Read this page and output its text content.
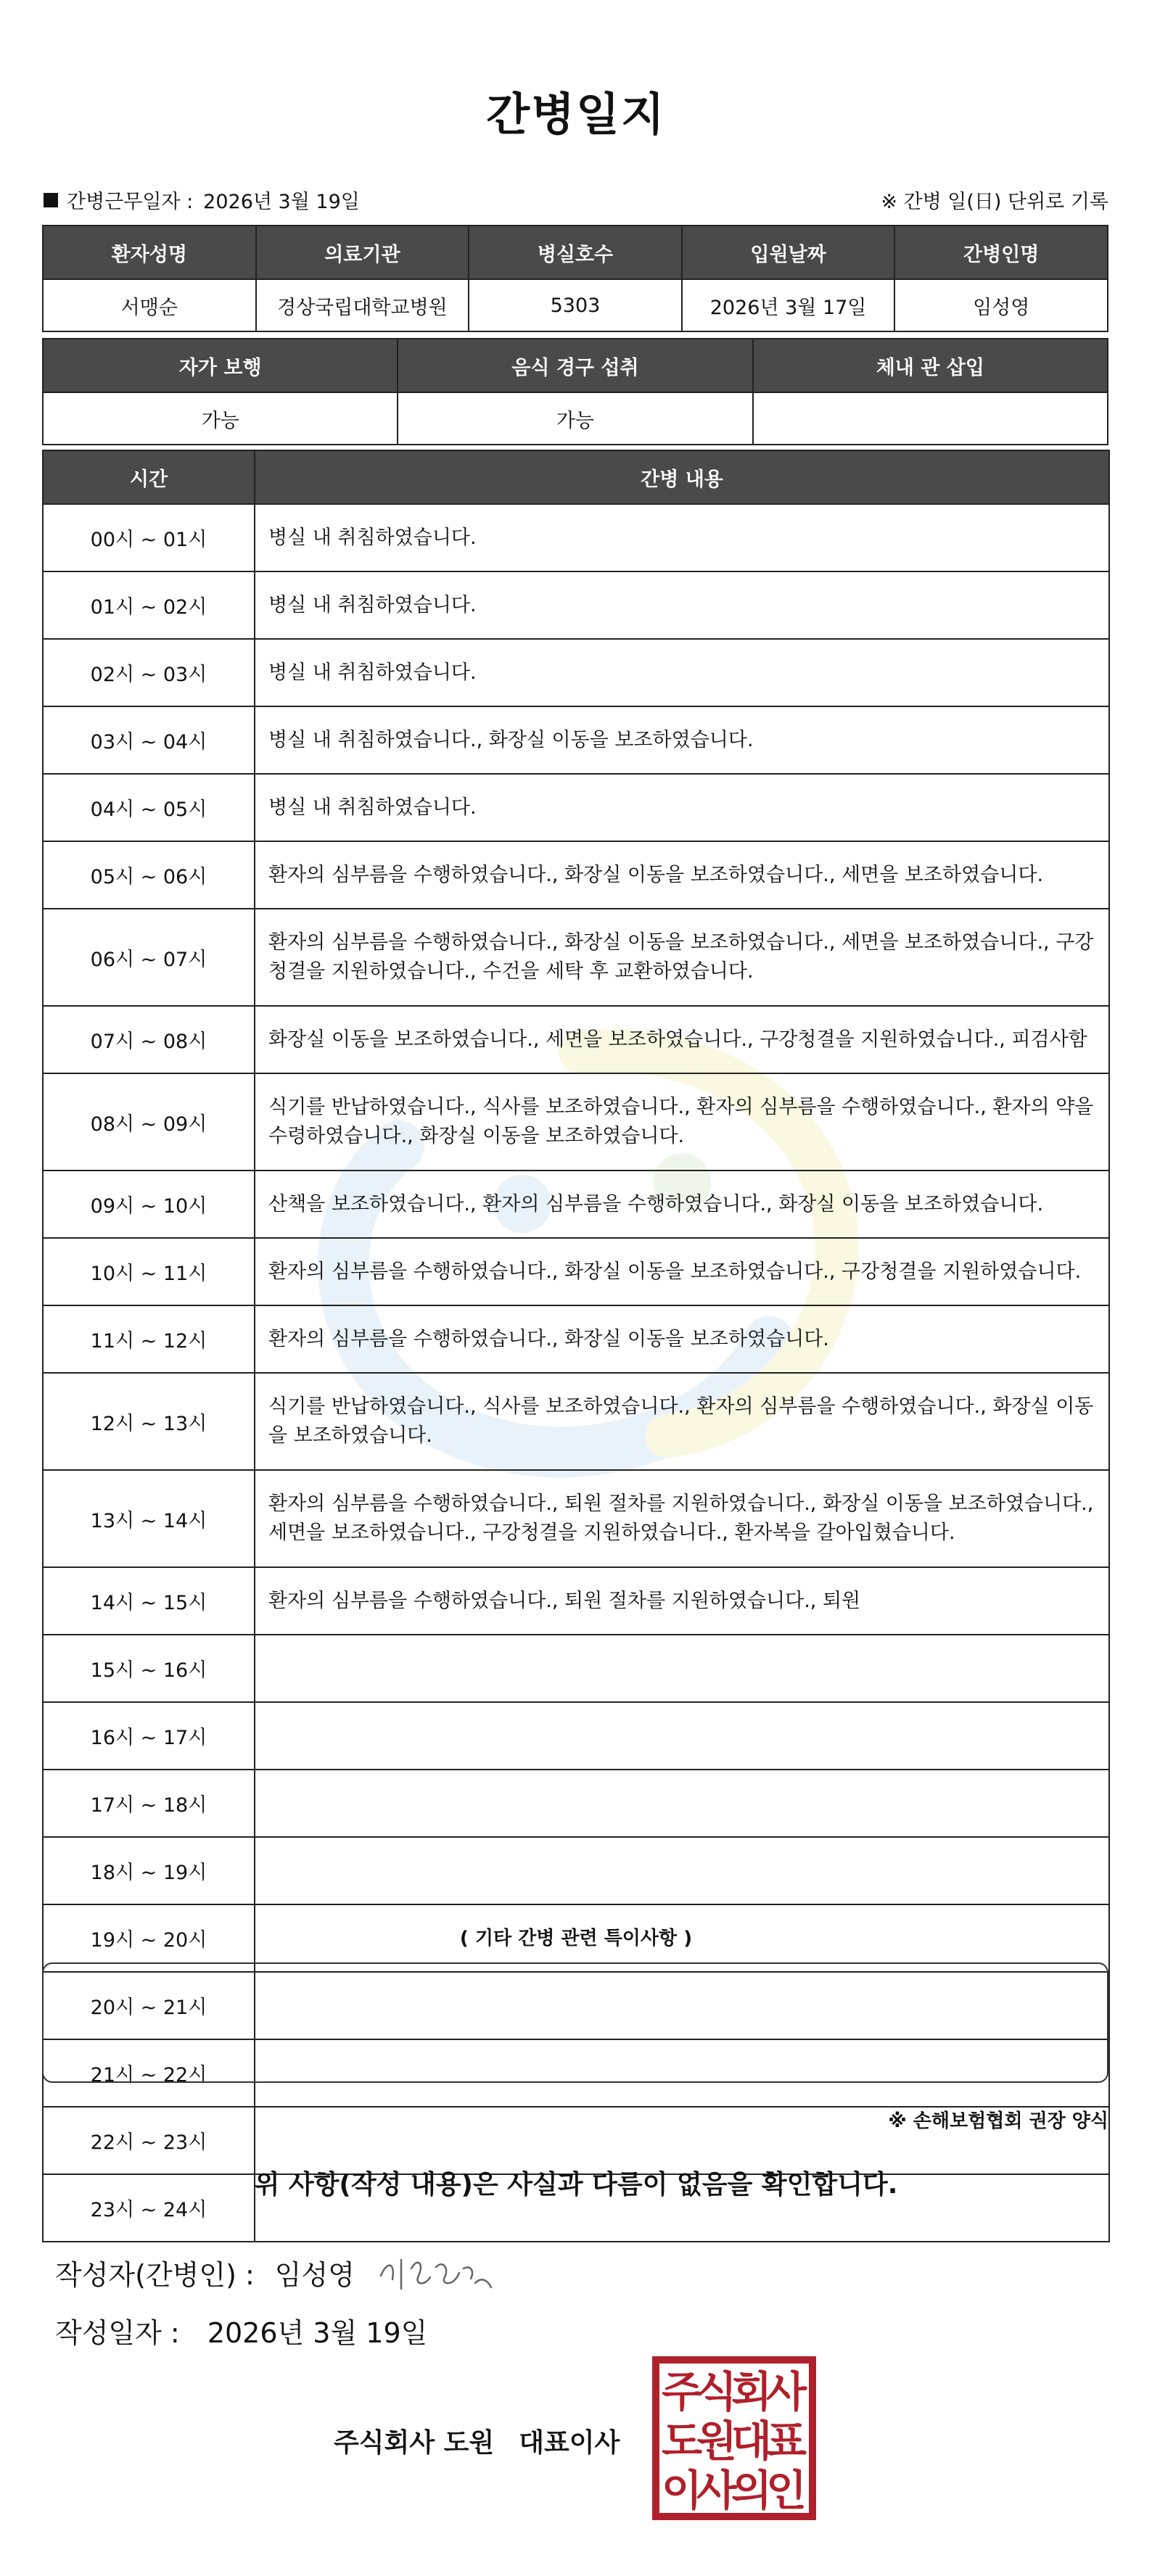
간병일지
간병근무일자 : 2026년 3월 19일	※ 간병 일(日) 단위로 기록
환자성명	의료기관	병실호수	입원날짜	간병인명
서맹순	경상국립대학교병원	5303	2026년 3월 17일	임성영
자가 보행	음식 경구 섭취	체내 관 삽입
가능	가능	
시간	간병 내용
00시 ~ 01시	병실 내 취침하였습니다.
01시 ~ 02시	병실 내 취침하였습니다.
02시 ~ 03시	병실 내 취침하였습니다.
03시 ~ 04시	병실 내 취침하였습니다., 화장실 이동을 보조하였습니다.
04시 ~ 05시	병실 내 취침하였습니다.
05시 ~ 06시	환자의 심부름을 수행하였습니다., 화장실 이동을 보조하였습니다., 세면을 보조하였습니다.
06시 ~ 07시	환자의 심부름을 수행하였습니다., 화장실 이동을 보조하였습니다., 세면을 보조하였습니다., 구강청결을 지원하였습니다., 수건을 세탁 후 교환하였습니다.
07시 ~ 08시	화장실 이동을 보조하였습니다., 세면을 보조하였습니다., 구강청결을 지원하였습니다., 피검사함
08시 ~ 09시	식기를 반납하였습니다., 식사를 보조하였습니다., 환자의 심부름을 수행하였습니다., 환자의 약을 수령하였습니다., 화장실 이동을 보조하였습니다.
09시 ~ 10시	산책을 보조하였습니다., 환자의 심부름을 수행하였습니다., 화장실 이동을 보조하였습니다.
10시 ~ 11시	환자의 심부름을 수행하였습니다., 화장실 이동을 보조하였습니다., 구강청결을 지원하였습니다.
11시 ~ 12시	환자의 심부름을 수행하였습니다., 화장실 이동을 보조하였습니다.
12시 ~ 13시	식기를 반납하였습니다., 식사를 보조하였습니다., 환자의 심부름을 수행하였습니다., 화장실 이동을 보조하였습니다.
13시 ~ 14시	환자의 심부름을 수행하였습니다., 퇴원 절차를 지원하였습니다., 화장실 이동을 보조하였습니다., 세면을 보조하였습니다., 구강청결을 지원하였습니다., 환자복을 갈아입혔습니다.
14시 ~ 15시	환자의 심부름을 수행하였습니다., 퇴원 절차를 지원하였습니다., 퇴원
15시 ~ 16시	
16시 ~ 17시	
17시 ~ 18시	
18시 ~ 19시	
19시 ~ 20시	
20시 ~ 21시	
21시 ~ 22시	
22시 ~ 23시	
23시 ~ 24시	
( 기타 간병 관련 특이사항 )
※ 손해보험협회 권장 양식
위 사항(작성 내용)은 사실과 다름이 없음을 확인합니다.
작성자(간병인) : 임성영
작성일자 : 2026년 3월 19일
주식회사 도원 대표이사
주
식
회
사
도
원
대
표
이
사
의
인
